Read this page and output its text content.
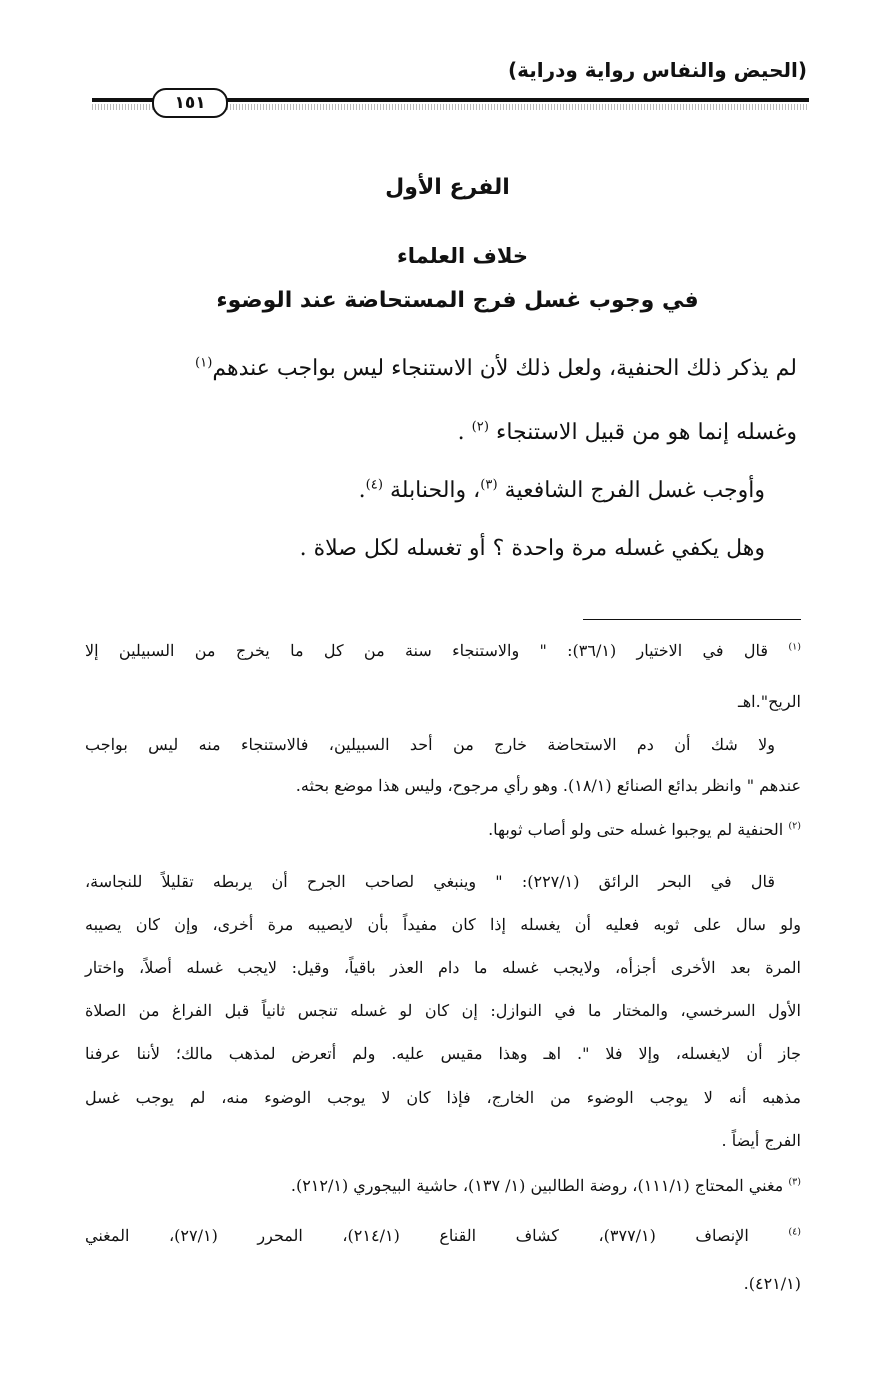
(الحيض والنفاس رواية ودراية)
١٥١
الفرع الأول
خلاف العلماء
في وجوب غسل فرج المستحاضة عند الوضوء
لم يذكر ذلك الحنفية، ولعل ذلك لأن الاستنجاء ليس بواجب عندهم$^{(١)}$
وغسله إنما هو من قبيل الاستنجاء $^{(٢)}$ .
وأوجب غسل الفرج الشافعية $^{(٣)}$، والحنابلة $^{(٤)}$.
وهل يكفي غسله مرة واحدة ؟ أو تغسله لكل صلاة .
$^{(١)}$ قال في الاختيار (٣٦/١): " والاستنجاء سنة من كل ما يخرج من السبيلين إلا
الريح".اهـ
ولا شك أن دم الاستحاضة خارج من أحد السبيلين، فالاستنجاء منه ليس بواجب
عندهم " وانظر بدائع الصنائع (١٨/١). وهو رأي مرجوح، وليس هذا موضع بحثه.
$^{(٢)}$ الحنفية لم يوجبوا غسله حتى ولو أصاب ثوبها.
قال في البحر الرائق (٢٢٧/١): " وينبغي لصاحب الجرح أن يربطه تقليلاً للنجاسة،
ولو سال على ثوبه فعليه أن يغسله إذا كان مفيداً بأن لايصيبه مرة أخرى، وإن كان يصيبه
المرة بعد الأخرى أجزأه، ولايجب غسله ما دام العذر باقياً، وقيل: لايجب غسله أصلاً، واختار
الأول السرخسي، والمختار ما في النوازل: إن كان لو غسله تنجس ثانياً قبل الفراغ من الصلاة
جاز أن لايغسله، وإلا فلا ". اهـ وهذا مقيس عليه. ولم أتعرض لمذهب مالك؛ لأننا عرفنا
مذهبه أنه لا يوجب الوضوء من الخارج، فإذا كان لا يوجب الوضوء منه، لم يوجب غسل
الفرج أيضاً .
$^{(٣)}$ مغني المحتاج (١١١/١)، روضة الطالبين (١/ ١٣٧)، حاشية البيجوري (٢١٢/١).
$^{(٤)}$ الإنصاف (٣٧٧/١)، كشاف القناع (٢١٤/١)، المحرر (٢٧/١)، المغني
(٤٢١/١).
